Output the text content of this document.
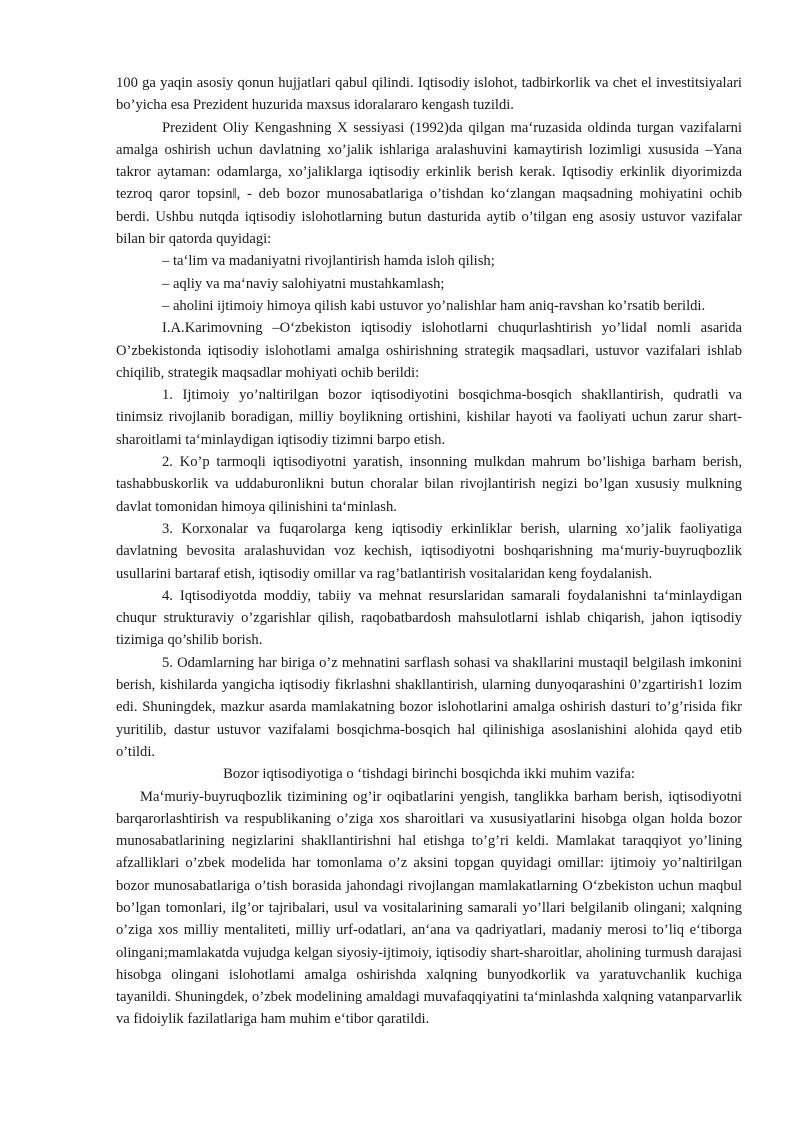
100 ga yaqin asosiy qonun hujjatlari qabul qilindi. Iqtisodiy islohot, tadbirkorlik va chet el investitsiyalari bo’yicha esa Prezident huzurida maxsus idoralararo kengash tuzildi.

Prezident Oliy Kengashning X sessiyasi (1992)da qilgan ma‘ruzasida oldinda turgan vazifalarni amalga oshirish uchun davlatning xo’jalik ishlariga aralashuvini kamaytirish lozimligi xususida ‒Yana takror aytaman: odamlarga, xo’jaliklarga iqtisodiy erkinlik berish kerak. Iqtisodiy erkinlik diyorimizda tezroq qaror topsin‖, - deb bozor munosabatlariga o’tishdan ko‘zlangan maqsadning mohiyatini ochib berdi. Ushbu nutqda iqtisodiy islohotlarning butun dasturida aytib o’tilgan eng asosiy ustuvor vazifalar bilan bir qatorda quyidagi:

– ta‘lim va madaniyatni rivojlantirish hamda isloh qilish;

– aqliy va ma‘naviy salohiyatni mustahkamlash;

– aholini ijtimoiy himoya qilish kabi ustuvor yo’nalishlar ham aniq-ravshan ko’rsatib berildi.

I.A.Karimovning ‒O‘zbekiston iqtisodiy islohotlarni chuqurlashtirish yo’lida‖ nomli asarida O’zbekistonda iqtisodiy islohotlami amalga oshirishning strategik maqsadlari, ustuvor vazifalari ishlab chiqilib, strategik maqsadlar mohiyati ochib berildi:

1. Ijtimoiy yo’naltirilgan bozor iqtisodiyotini bosqichma-bosqich shakllantirish, qudratli va tinimsiz rivojlanib boradigan, milliy boylikning ortishini, kishilar hayoti va faoliyati uchun zarur shart-sharoitlami ta‘minlaydigan iqtisodiy tizimni barpo etish.

2. Ko’p tarmoqli iqtisodiyotni yaratish, insonning mulkdan mahrum bo’lishiga barham berish, tashabbuskorlik va uddaburonlikni butun choralar bilan rivojlantirish negizi bo’lgan xususiy mulkning davlat tomonidan himoya qilinishini ta‘minlash.

3. Korxonalar va fuqarolarga keng iqtisodiy erkinliklar berish, ularning xo’jalik faoliyatiga davlatning bevosita aralashuvidan voz kechish, iqtisodiyotni boshqarishning ma‘muriy-buyruqbozlik usullarini bartaraf etish, iqtisodiy omillar va rag’batlantirish vositalaridan keng foydalanish.

4. Iqtisodiyotda moddiy, tabiiy va mehnat resurslaridan samarali foydalanishni ta‘minlaydigan chuqur strukturaviy o’zgarishlar qilish, raqobatbardosh mahsulotlarni ishlab chiqarish, jahon iqtisodiy tizimiga qo’shilib borish.

5. Odamlarning har biriga o’z mehnatini sarflash sohasi va shakllarini mustaqil belgilash imkonini berish, kishilarda yangicha iqtisodiy fikrlashni shakllantirish, ularning dunyoqarashini 0’zgartirish1 lozim edi. Shuningdek, mazkur asarda mamlakatning bozor islohotlarini amalga oshirish dasturi to’g’risida fikr yuritilib, dastur ustuvor vazifalami bosqichma-bosqich hal qilinishiga asoslanishini alohida qayd etib o’tildi.

Bozor iqtisodiyotiga o ‘tishdagi birinchi bosqichda ikki muhim vazifa:

Ma‘muriy-buyruqbozlik tizimining og’ir oqibatlarini yengish, tanglikka barham berish, iqtisodiyotni barqarorlashtirish va respublikaning o’ziga xos sharoitlari va xususiyatlarini hisobga olgan holda bozor munosabatlarining negizlarini shakllantirishni hal etishga to’g’ri keldi. Mamlakat taraqqiyot yo’lining afzalliklari o’zbek modelida har tomonlama o’z aksini topgan quyidagi omillar: ijtimoiy yo’naltirilgan bozor munosabatlariga o’tish borasida jahondagi rivojlangan mamlakatlarning O‘zbekiston uchun maqbul bo’lgan tomonlari, ilg’or tajribalari, usul va vositalarining samarali yo’llari belgilanib olingani; xalqning o’ziga xos milliy mentaliteti, milliy urf-odatlari, an‘ana va qadriyatlari, madaniy merosi to’liq e‘tiborga olingani;mamlakatda vujudga kelgan siyosiy-ijtimoiy, iqtisodiy shart-sharoitlar, aholining turmush darajasi hisobga olingani islohotlami amalga oshirishda xalqning bunyodkorlik va yaratuvchanlik kuchiga tayanildi. Shuningdek, o’zbek modelining amaldagi muvafaqqiyatini ta‘minlashda xalqning vatanparvarlik va fidoiylik fazilatlariga ham muhim e‘tibor qaratildi.
